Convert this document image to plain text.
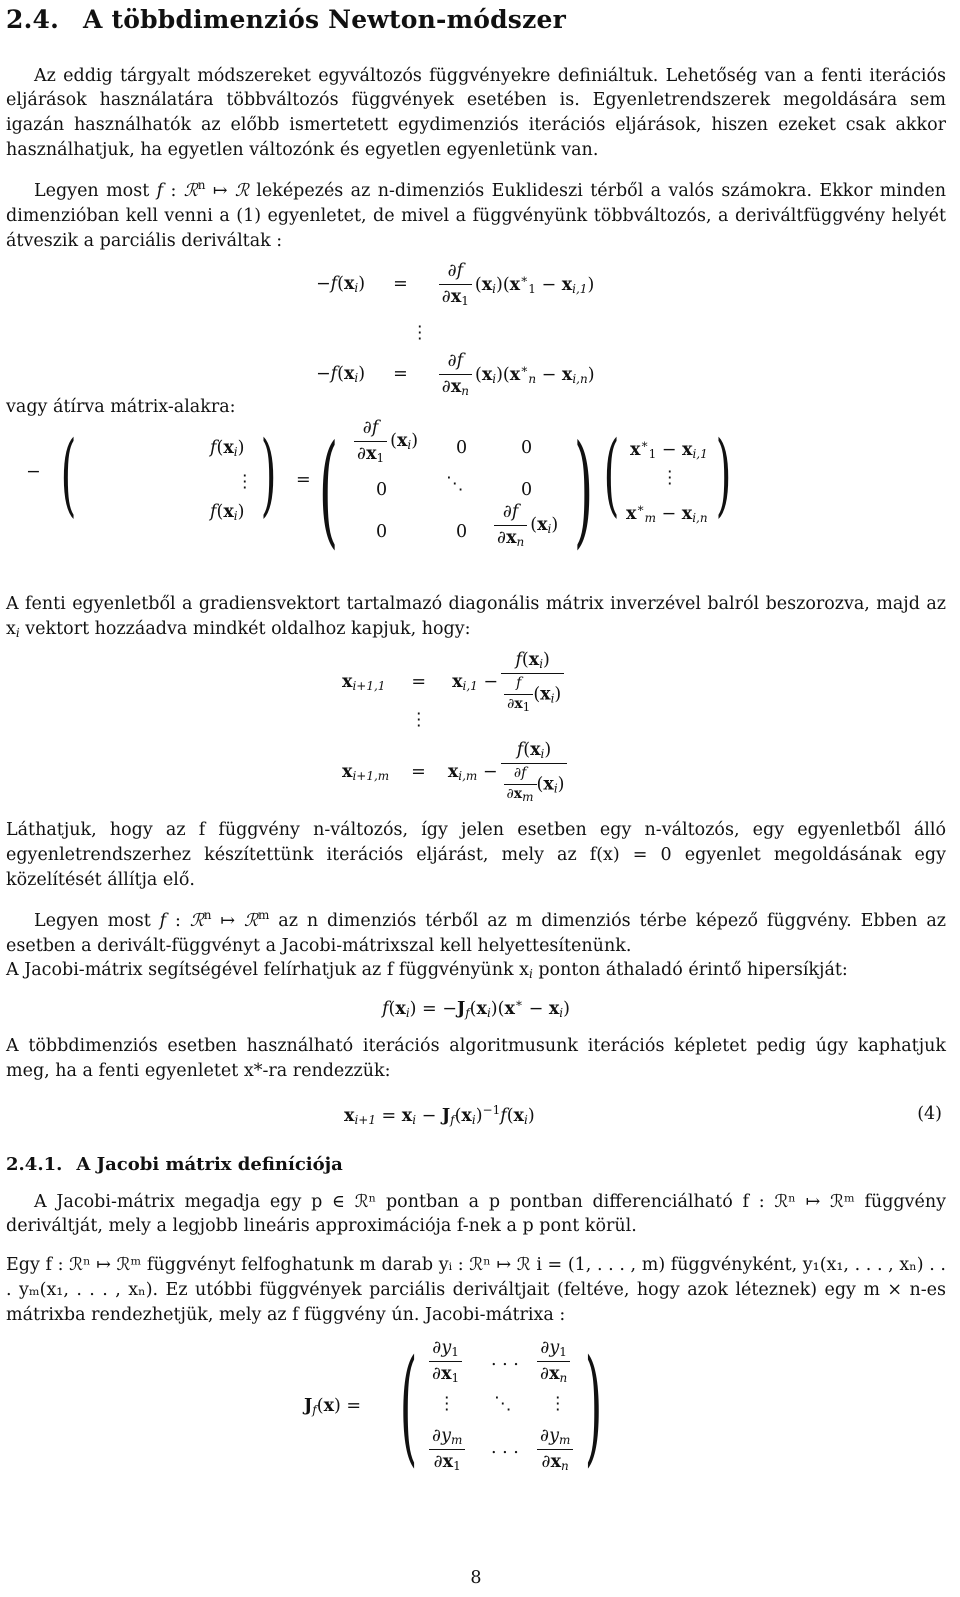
2.4. A többdimenziós Newton-módszer

Az eddig tárgyalt módszereket egyváltozós függvényekre definiáltuk. Lehetőség van a fenti iterációs eljárások használatára többváltozós függvények esetében is. Egyenletrendszerek megoldására sem igazán használhatók az előbb ismertetett egydimenziós iterációs eljárások, hiszen ezeket csak akkor használhatjuk, ha egyetlen változónk és egyetlen egyenletünk van.

Legyen most f : ℛ$^n$ ↦ ℛ leképezés az n-dimenziós Euklideszi térből a valós számokra. Ekkor minden dimenzióban kell venni a (1) egyenletet, de mivel a függvényünk többváltozós, a deriváltfüggvény helyét átveszik a parciális deriváltak :

$-f(x_i) = \frac{\partial f}{\partial x_1} (x_i)(x^∗_1 - x_{i,1})$
⋮
$-f(x_i) = \frac{\partial f}{\partial x_n} (x_i)(x^∗_n - x_{i,n})$

vagy átírva mátrix-alakra:

− (	$f(x_i)$
⋮
$f(x_i)$ ) = ( $\frac{\partial f}{\partial x_1} (x_i)$ 0	0
0	⋱	0
0	$0 \frac{\partial f}{\partial x_n} (x_i)$ ) ( $x^∗_1 - x_{i,1}$
⋮
$x^∗_m - x_{i,n}$ )

A fenti egyenletből a gradiensvektort tartalmazó diagonális mátrix inverzével balról beszorozva, majd az $x_i$ vektort hozzáadva mindkét oldalhoz kapjuk, hogy:

$x_{i+1,1} = x_{i,1} - \frac{f(x_i)}{\frac{f}{\partial x1} (x_i)}$
⋮
$x_{i+1,m} = x_{i,m} - \frac{f(x_i)}{\frac{\partial f}{\partial xm} (x_i)}$

Láthatjuk, hogy az f függvény n-változós, így jelen esetben egy n-változós, egy egyenletből álló egyenletrendszerhez készítettünk iterációs eljárást, mely az f(x) = 0 egyenlet megoldásának egy közelítését állítja elő.

Legyen most f : ℛ$^n$ ↦ ℛ$^m$ az n dimenziós térből az m dimenziós térbe képező függvény. Ebben az esetben a derivált-függvényt a Jacobi-mátrixszal kell helyettesítenünk.

A Jacobi-mátrix segítségével felírhatjuk az f függvényünk $x_i$ ponton áthaladó érintő hipersíkját:

$f(x_i) = -J_f(x_i)(x^∗ - x_i)$

A többdimenziós esetben használható iterációs algoritmusunk iterációs képletet pedig úgy kaphatjuk meg, ha a fenti egyenletet x*-ra rendezzük:

$x_{i+1} = x_i - J_f(x_i)^{-1}f(x_i)$	(4)
2.4.1. A Jacobi mátrix definíciója

A Jacobi-mátrix megadja egy p ∈ ℛⁿ pontban a p pontban differenciálható f : ℛⁿ ↦ ℛᵐ függvény deriváltját, mely a legjobb lineáris approximációja f-nek a p pont körül.

Egy f : ℛⁿ ↦ ℛᵐ függvényt felfoghatunk m darab yᵢ : ℛⁿ ↦ ℛ i = (1, . . . , m) függvényként, y₁(x₁, . . . , xₙ) . . . yₘ(x₁, . . . , xₙ). Ez utóbbi függvények parciális deriváltjait (feltéve, hogy azok léteznek) egy m × n-es mátrixba rendezhetjük, mely az f függvény ún. Jacobi-mátrixa :

$J_f(x)$ = ( $\frac{\partial y_1}{\partial x_1}$ . . . $\frac{\partial y_1}{\partial x_n}$
⋮ ⋱ ⋮
$\frac{\partial y_m}{\partial x_1}$ . . . $\frac{\partial y_m}{\partial x_n}$ )
8
